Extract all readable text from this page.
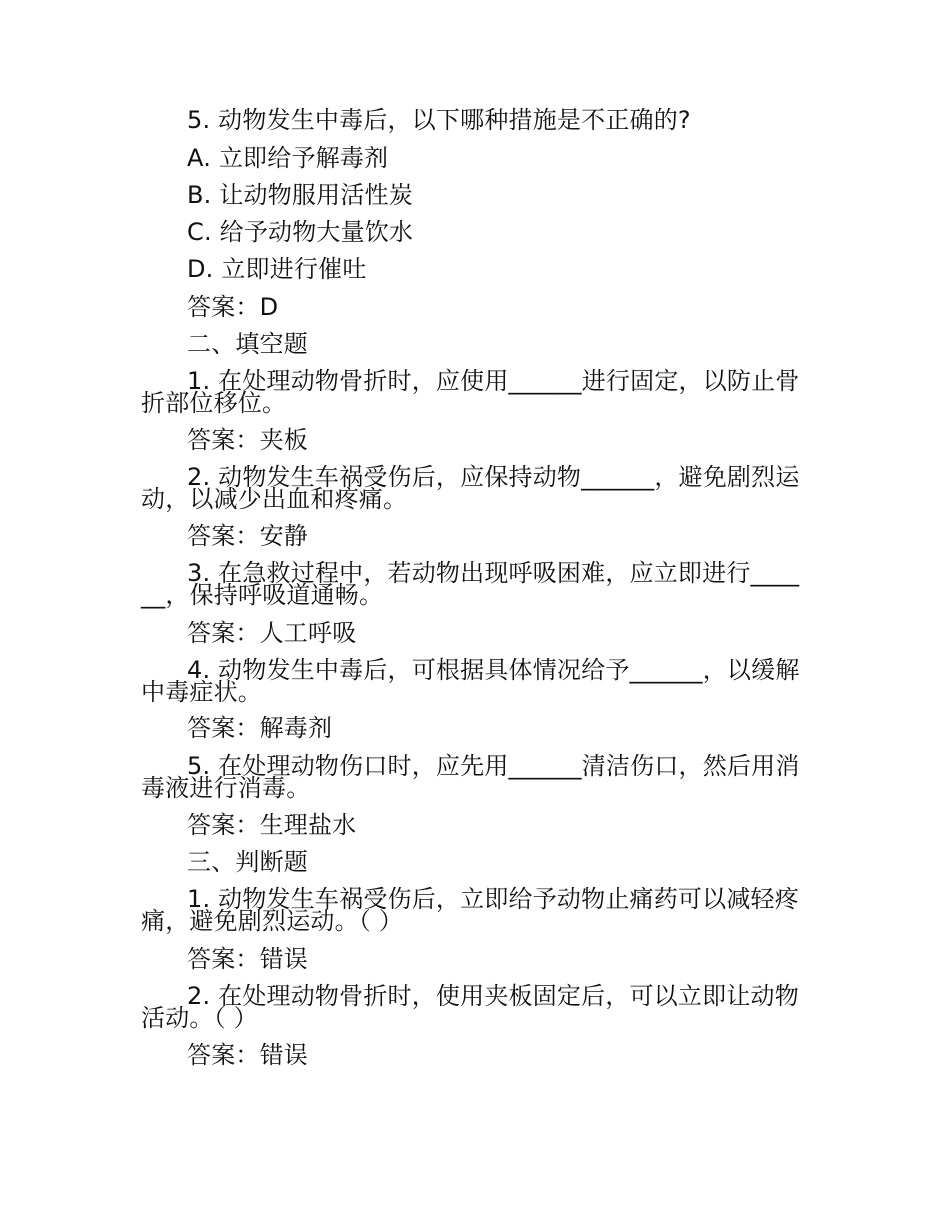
5. 动物发生中毒后，以下哪种措施是不正确的?
A. 立即给予解毒剂
B. 让动物服用活性炭
C. 给予动物大量饮水
D. 立即进行催吐
答案：D
二、填空题
1. 在处理动物骨折时，应使用______进行固定，以防止骨折部位移位。
答案：夹板
2. 动物发生车祸受伤后，应保持动物______，避免剧烈运动，以减少出血和疼痛。
答案：安静
3. 在急救过程中，若动物出现呼吸困难，应立即进行______，保持呼吸道通畅。
答案：人工呼吸
4. 动物发生中毒后，可根据具体情况给予______，以缓解中毒症状。
答案：解毒剂
5. 在处理动物伤口时，应先用______清洁伤口，然后用消毒液进行消毒。
答案：生理盐水
三、判断题
1. 动物发生车祸受伤后，立即给予动物止痛药可以减轻疼痛，避免剧烈运动。（ ）
答案：错误
2. 在处理动物骨折时，使用夹板固定后，可以立即让动物活动。（ ）
答案：错误
